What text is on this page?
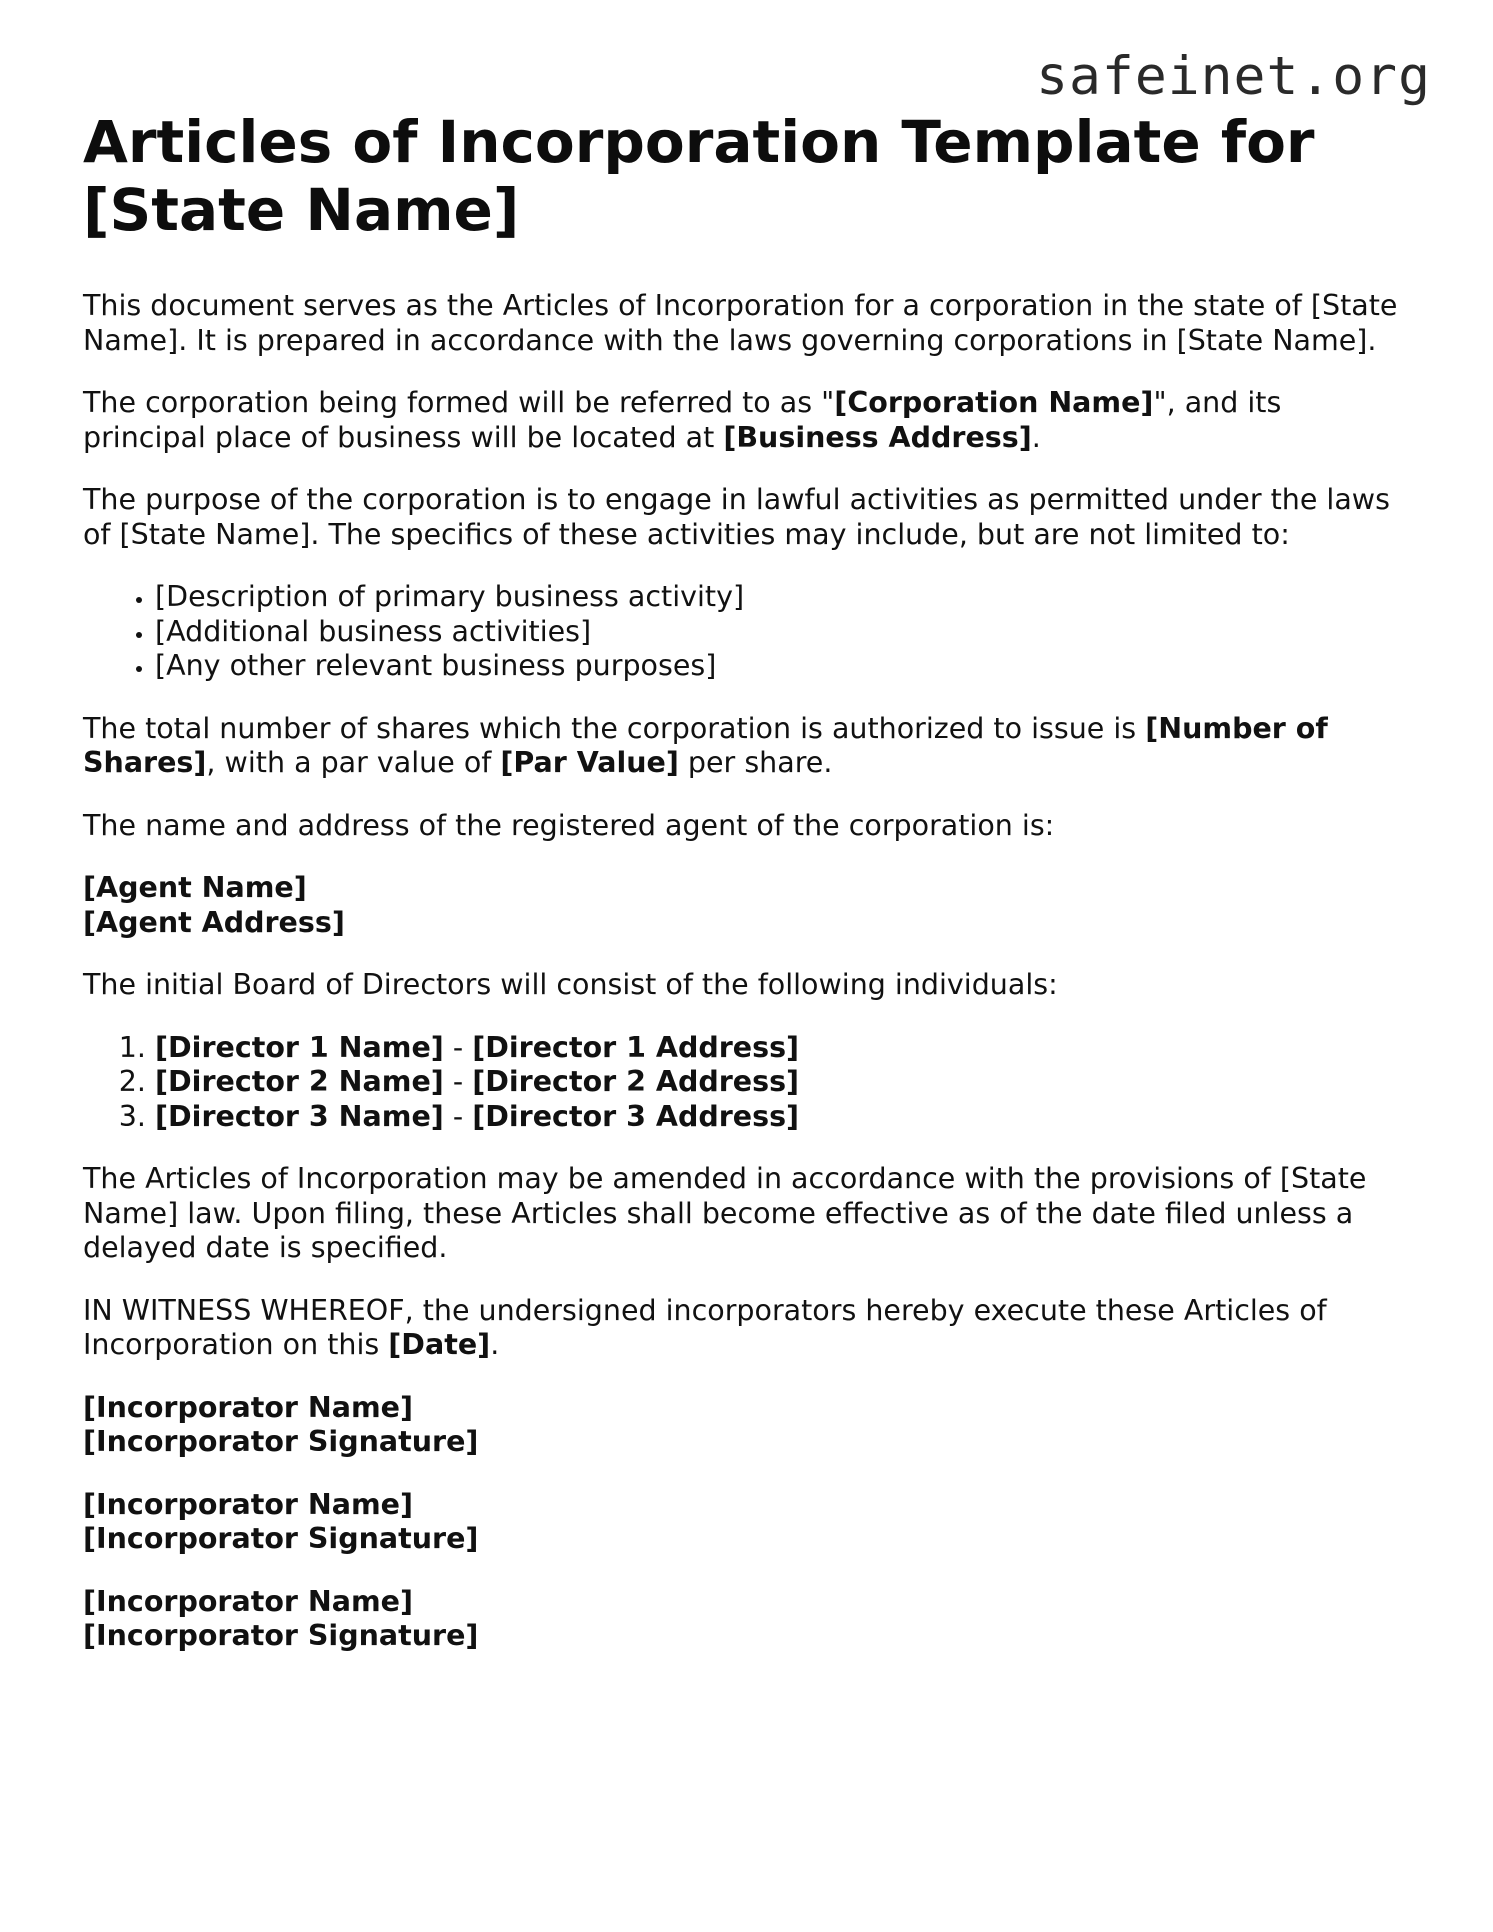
safeinet.org
Articles of Incorporation Template for [State Name]

This document serves as the Articles of Incorporation for a corporation in the state of [State Name]. It is prepared in accordance with the laws governing corporations in [State Name].

The corporation being formed will be referred to as "[Corporation Name]", and its principal place of business will be located at [Business Address].

The purpose of the corporation is to engage in lawful activities as permitted under the laws of [State Name]. The specifics of these activities may include, but are not limited to:

• [Description of primary business activity]
• [Additional business activities]
• [Any other relevant business purposes]

The total number of shares which the corporation is authorized to issue is [Number of Shares], with a par value of [Par Value] per share.

The name and address of the registered agent of the corporation is:

[Agent Name]
[Agent Address]

The initial Board of Directors will consist of the following individuals:

1. [Director 1 Name] - [Director 1 Address]
2. [Director 2 Name] - [Director 2 Address]
3. [Director 3 Name] - [Director 3 Address]

The Articles of Incorporation may be amended in accordance with the provisions of [State Name] law. Upon filing, these Articles shall become effective as of the date filed unless a delayed date is specified.

IN WITNESS WHEREOF, the undersigned incorporators hereby execute these Articles of Incorporation on this [Date].

[Incorporator Name]
[Incorporator Signature]
[Incorporator Name]
[Incorporator Signature]
[Incorporator Name]
[Incorporator Signature]
